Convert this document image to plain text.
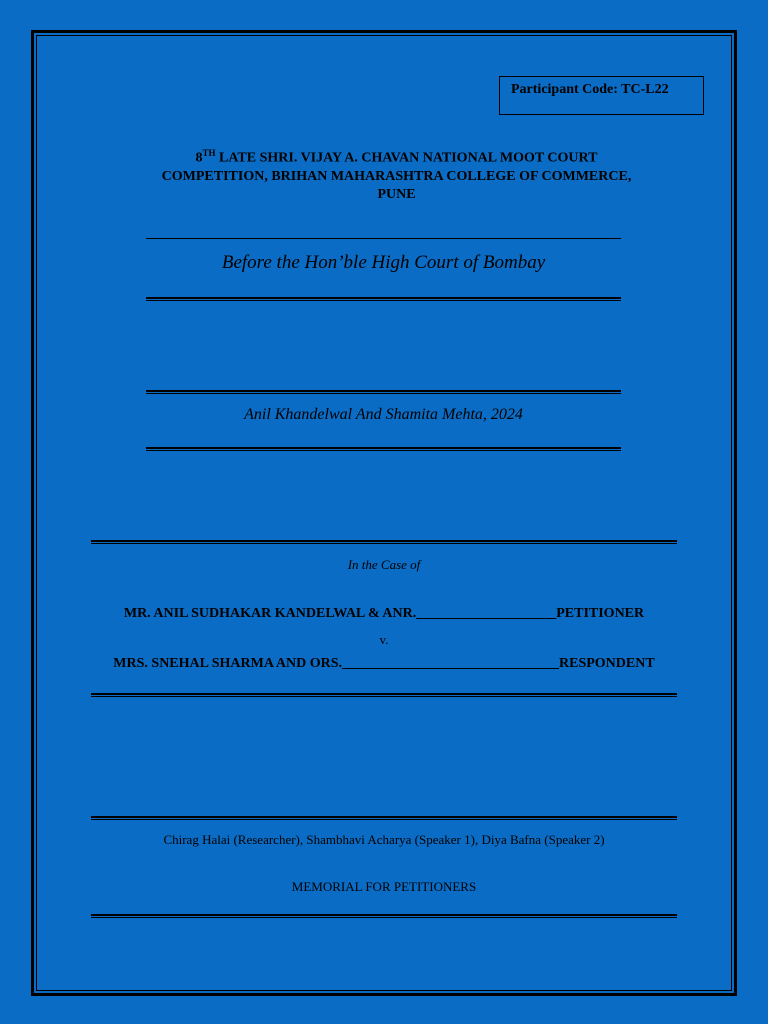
Participant Code: TC-L22
8TH LATE SHRI. VIJAY A. CHAVAN NATIONAL MOOT COURT
COMPETITION, BRIHAN MAHARASHTRA COLLEGE OF COMMERCE,
PUNE
Before the Hon’ble High Court of Bombay
Anil Khandelwal And Shamita Mehta, 2024
In the Case of
MR. ANIL SUDHAKAR KANDELWAL & ANR.____________________PETITIONER
v.
MRS. SNEHAL SHARMA AND ORS._______________________________RESPONDENT
Chirag Halai (Researcher), Shambhavi Acharya (Speaker 1), Diya Bafna (Speaker 2)
MEMORIAL FOR PETITIONERS
